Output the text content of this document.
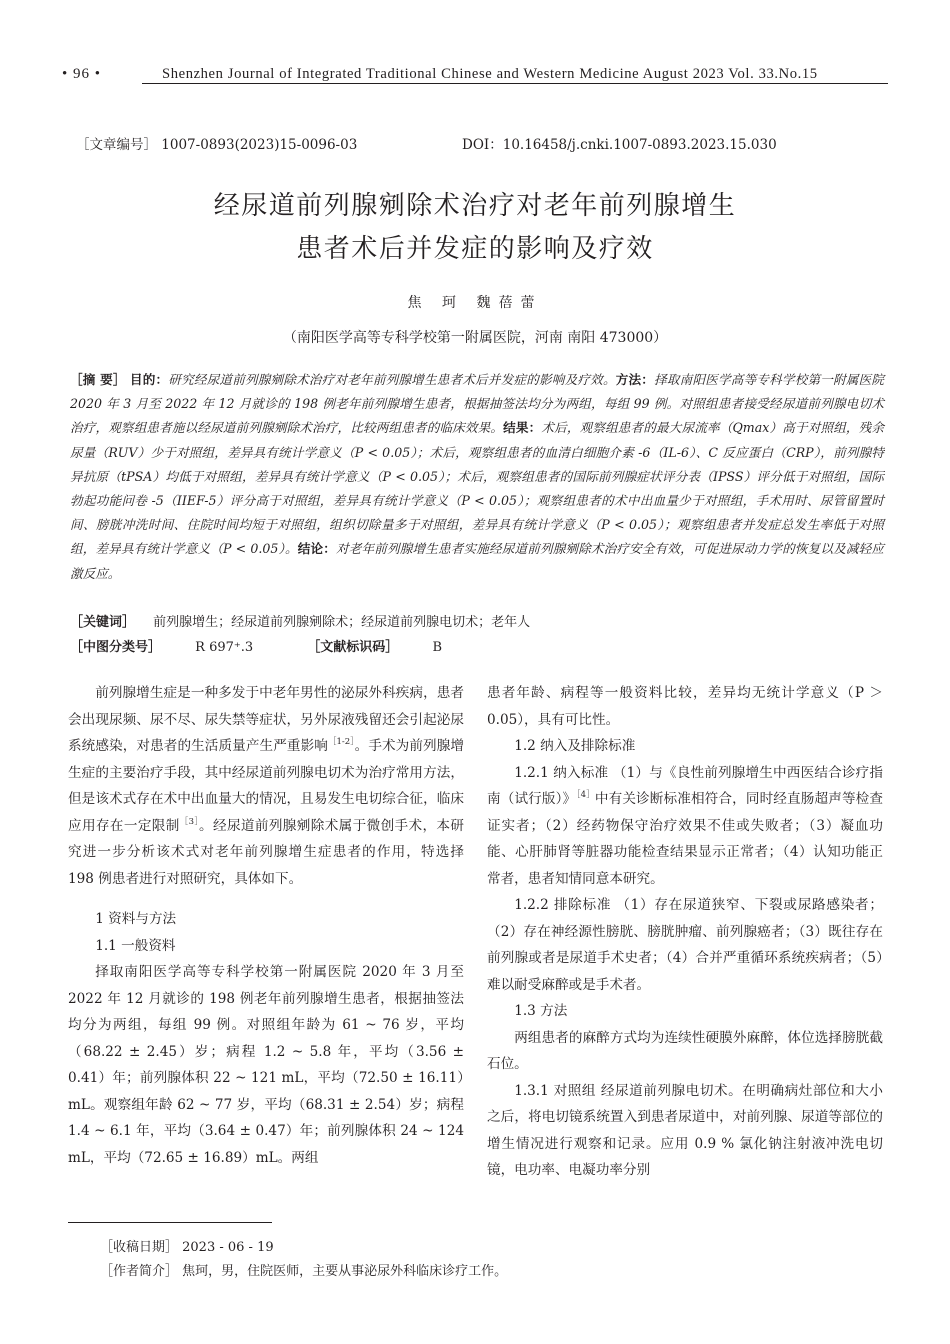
• 96 •	Shenzhen Journal of Integrated Traditional Chinese and Western Medicine August 2023 Vol. 33.No.15
［文章编号］ 1007-0893(2023)15-0096-03	DOI：10.16458/j.cnki.1007-0893.2023.15.030
经尿道前列腺剜除术治疗对老年前列腺增生
患者术后并发症的影响及疗效
焦 珂 魏蓓蕾
（南阳医学高等专科学校第一附属医院，河南 南阳 473000）
［摘 要］ 目的：研究经尿道前列腺剜除术治疗对老年前列腺增生患者术后并发症的影响及疗效。方法：择取南阳医学高等专科学校第一附属医院 2020 年 3 月至 2022 年 12 月就诊的 198 例老年前列腺增生患者，根据抽签法均分为两组，每组 99 例。对照组患者接受经尿道前列腺电切术治疗，观察组患者施以经尿道前列腺剜除术治疗，比较两组患者的临床效果。结果：术后，观察组患者的最大尿流率（Qmax）高于对照组，残余尿量（RUV）少于对照组，差异具有统计学意义（P < 0.05）；术后，观察组患者的血清白细胞介素 -6（IL-6）、C 反应蛋白（CRP），前列腺特异抗原（tPSA）均低于对照组，差异具有统计学意义（P < 0.05）；术后，观察组患者的国际前列腺症状评分表（IPSS）评分低于对照组，国际勃起功能问卷 -5（IIEF-5）评分高于对照组，差异具有统计学意义（P < 0.05）；观察组患者的术中出血量少于对照组，手术用时、尿管留置时间、膀胱冲洗时间、住院时间均短于对照组，组织切除量多于对照组，差异具有统计学意义（P < 0.05）；观察组患者并发症总发生率低于对照组，差异具有统计学意义（P < 0.05）。结论：对老年前列腺增生患者实施经尿道前列腺剜除术治疗安全有效，可促进尿动力学的恢复以及减轻应激反应。
［关键词］ 前列腺增生；经尿道前列腺剜除术；经尿道前列腺电切术；老年人
［中图分类号］	R 697⁺.3	［文献标识码］	B

前列腺增生症是一种多发于中老年男性的泌尿外科疾病，患者会出现尿频、尿不尽、尿失禁等症状，另外尿液残留还会引起泌尿系统感染，对患者的生活质量产生严重影响$^{[1-2]}$。手术为前列腺增生症的主要治疗手段，其中经尿道前列腺电切术为治疗常用方法，但是该术式存在术中出血量大的情况，且易发生电切综合征，临床应用存在一定限制$^{[3]}$。经尿道前列腺剜除术属于微创手术，本研究进一步分析该术式对老年前列腺增生症患者的作用，特选择 198 例患者进行对照研究，具体如下。

1 资料与方法
1.1 一般资料

择取南阳医学高等专科学校第一附属医院 2020 年 3 月至 2022 年 12 月就诊的 198 例老年前列腺增生患者，根据抽签法均分为两组，每组 99 例。对照组年龄为 61 ~ 76 岁，平均（68.22 ± 2.45）岁；病程 1.2 ~ 5.8 年，平均（3.56 ± 0.41）年；前列腺体积 22 ~ 121 mL，平均（72.50 ± 16.11）mL。观察组年龄 62 ~ 77 岁，平均（68.31 ± 2.54）岁；病程 1.4 ~ 6.1 年，平均（3.64 ± 0.47）年；前列腺体积 24 ~ 124 mL，平均（72.65 ± 16.89）mL。两组

患者年龄、病程等一般资料比较，差异均无统计学意义（P ＞ 0.05），具有可比性。

1.2 纳入及排除标准

1.2.1 纳入标准 （1）与《良性前列腺增生中西医结合诊疗指南（试行版）》$^{[4]}$中有关诊断标准相符合，同时经直肠超声等检查证实者；（2）经药物保守治疗效果不佳或失败者；（3）凝血功能、心肝肺肾等脏器功能检查结果显示正常者；（4）认知功能正常者，患者知情同意本研究。

1.2.2 排除标准 （1）存在尿道狭窄、下裂或尿路感染者；（2）存在神经源性膀胱、膀胱肿瘤、前列腺癌者；（3）既往存在前列腺或者是尿道手术史者；（4）合并严重循环系统疾病者；（5）难以耐受麻醉或是手术者。

1.3 方法

两组患者的麻醉方式均为连续性硬膜外麻醉，体位选择膀胱截石位。

1.3.1 对照组 经尿道前列腺电切术。在明确病灶部位和大小之后，将电切镜系统置入到患者尿道中，对前列腺、尿道等部位的增生情况进行观察和记录。应用 0.9 % 氯化钠注射液冲洗电切镜，电功率、电凝功率分别

［收稿日期］ 2023 - 06 - 19
［作者简介］ 焦珂，男，住院医师，主要从事泌尿外科临床诊疗工作。
